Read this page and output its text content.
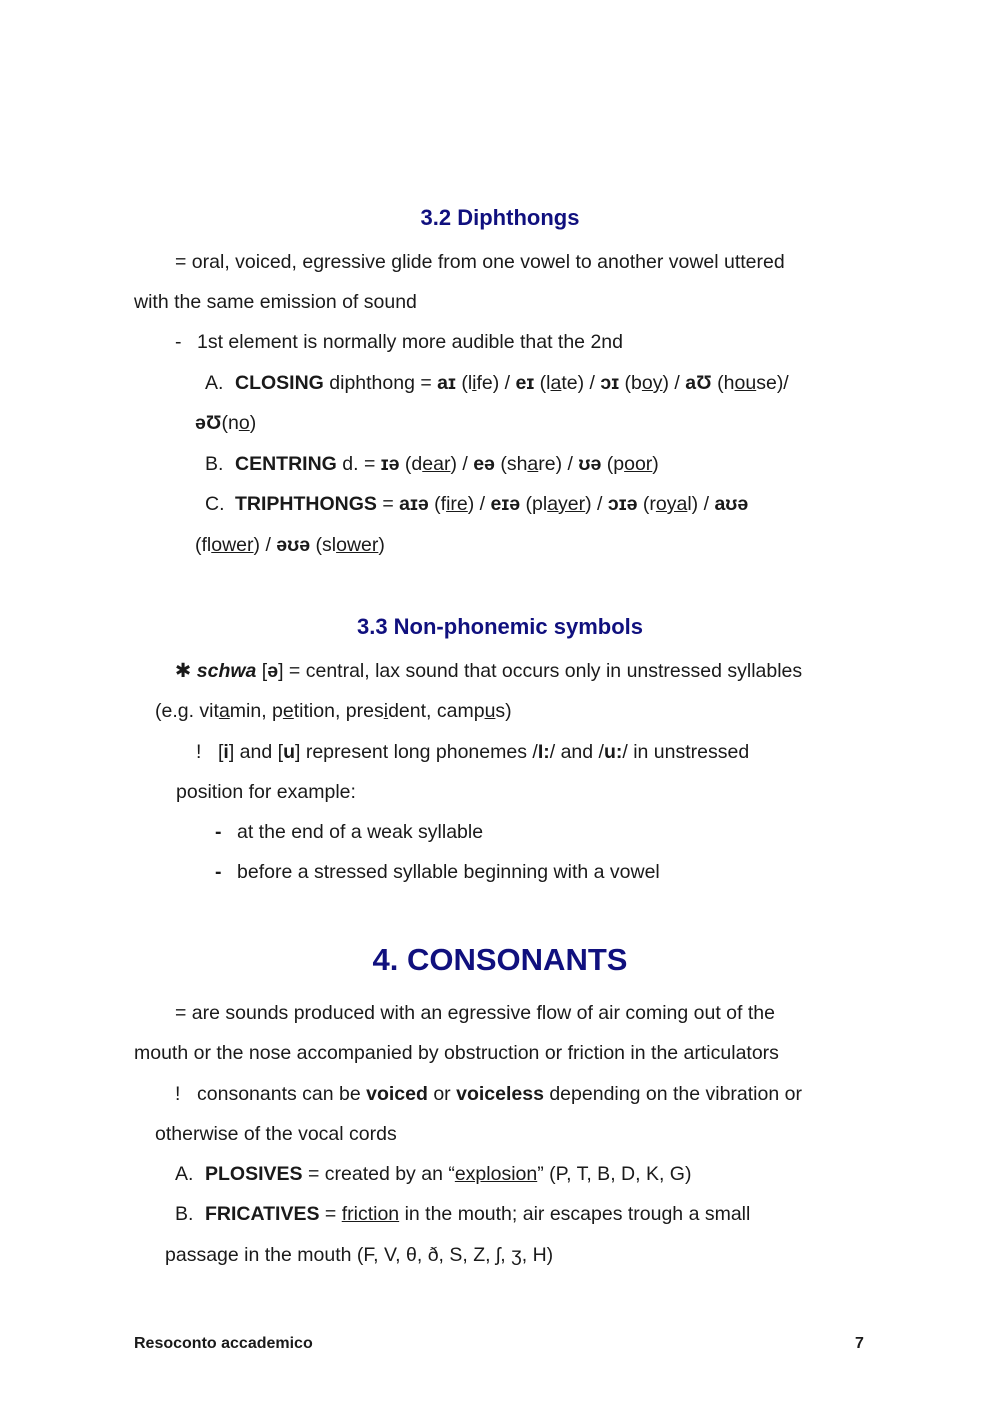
3.2 Diphthongs
= oral, voiced, egressive glide from one vowel to another vowel uttered
with the same emission of sound
- 1st element is normally more audible that the 2nd
A. CLOSING diphthong = aɪ (life) / eɪ (late) / ɔɪ (boy) / aƱ (house)/
əƱ(no)
B. CENTRING d. = ɪə (dear) / eə (share) / ʊə (poor)
C. TRIPHTHONGS = aɪə (fire) / eɪə (player) / ɔɪə (royal) / aʊə
(flower) / əʊə (slower)
3.3 Non-phonemic symbols
✱ schwa [ə] = central, lax sound that occurs only in unstressed syllables
(e.g. vitamin, petition, president, campus)
! [i] and [u] represent long phonemes /I:/ and /u:/ in unstressed
position for example:
- at the end of a weak syllable
- before a stressed syllable beginning with a vowel
4. CONSONANTS
= are sounds produced with an egressive flow of air coming out of the
mouth or the nose accompanied by obstruction or friction in the articulators
! consonants can be voiced or voiceless depending on the vibration or
otherwise of the vocal cords
A. PLOSIVES = created by an “explosion” (P, T, B, D, K, G)
B. FRICATIVES = friction in the mouth; air escapes trough a small
passage in the mouth (F, V, θ, ð, S, Z, ʃ, ʒ, H)
Resoconto accademico	7
